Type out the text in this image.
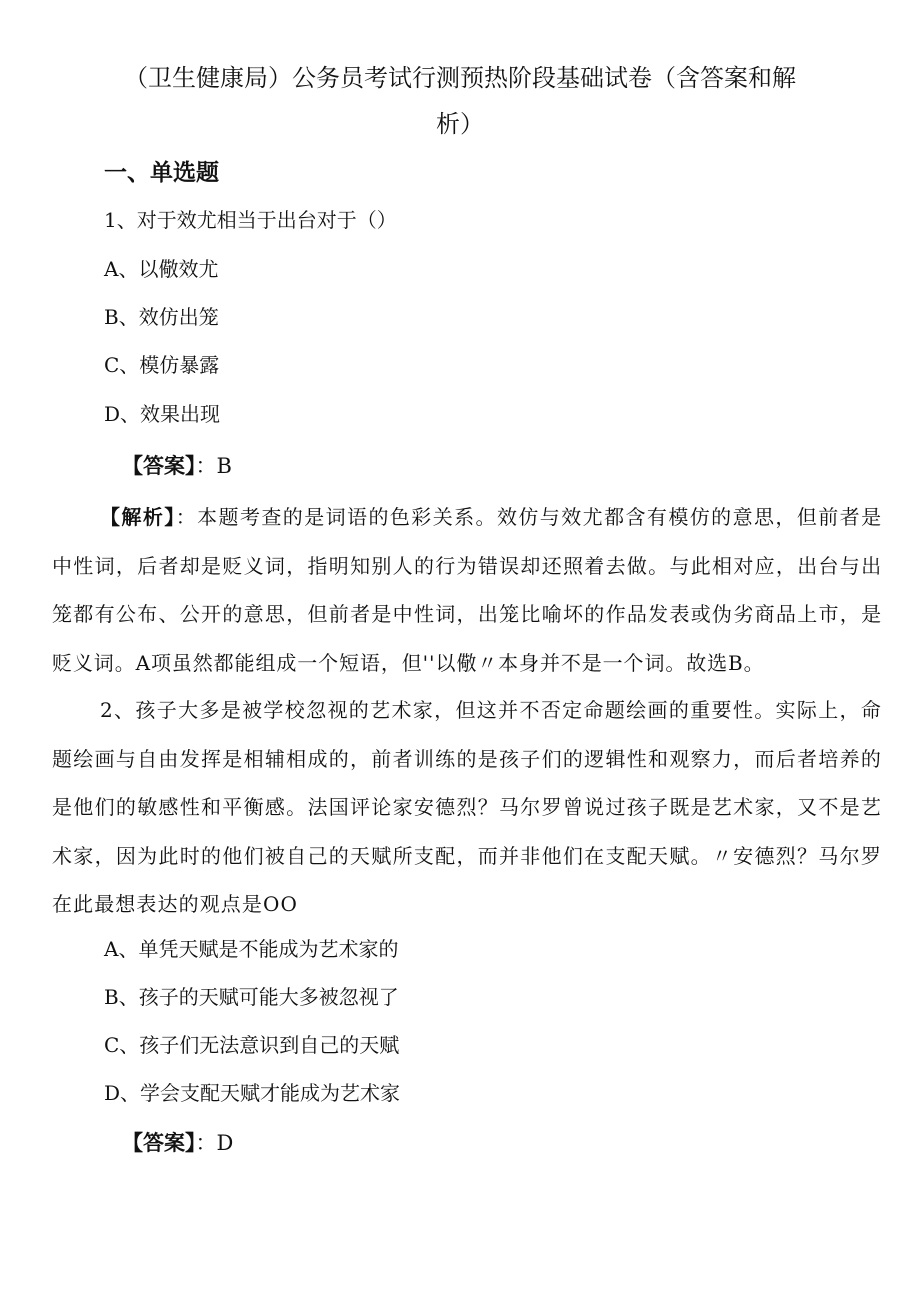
（卫生健康局）公务员考试行测预热阶段基础试卷（含答案和解
析）
一、单选题
1、对于效尤相当于出台对于（）
A、以儆效尤
B、效仿出笼
C、模仿暴露
D、效果出现
【答案】：B
【解析】：本题考查的是词语的色彩关系。效仿与效尤都含有模仿的意思，但前者是中性词，后者却是贬义词，指明知别人的行为错误却还照着去做。与此相对应，出台与出笼都有公布、公开的意思，但前者是中性词，出笼比喻坏的作品发表或伪劣商品上市，是贬义词。A项虽然都能组成一个短语，但''以儆〃本身并不是一个词。故选B。
2、孩子大多是被学校忽视的艺术家，但这并不否定命题绘画的重要性。实际上，命题绘画与自由发挥是相辅相成的，前者训练的是孩子们的逻辑性和观察力，而后者培养的是他们的敏感性和平衡感。法国评论家安德烈？马尔罗曾说过孩子既是艺术家，又不是艺术家，因为此时的他们被自己的天赋所支配，而并非他们在支配天赋。〃安德烈？马尔罗在此最想表达的观点是OO
A、单凭天赋是不能成为艺术家的
B、孩子的天赋可能大多被忽视了
C、孩子们无法意识到自己的天赋
D、学会支配天赋才能成为艺术家
【答案】：D
